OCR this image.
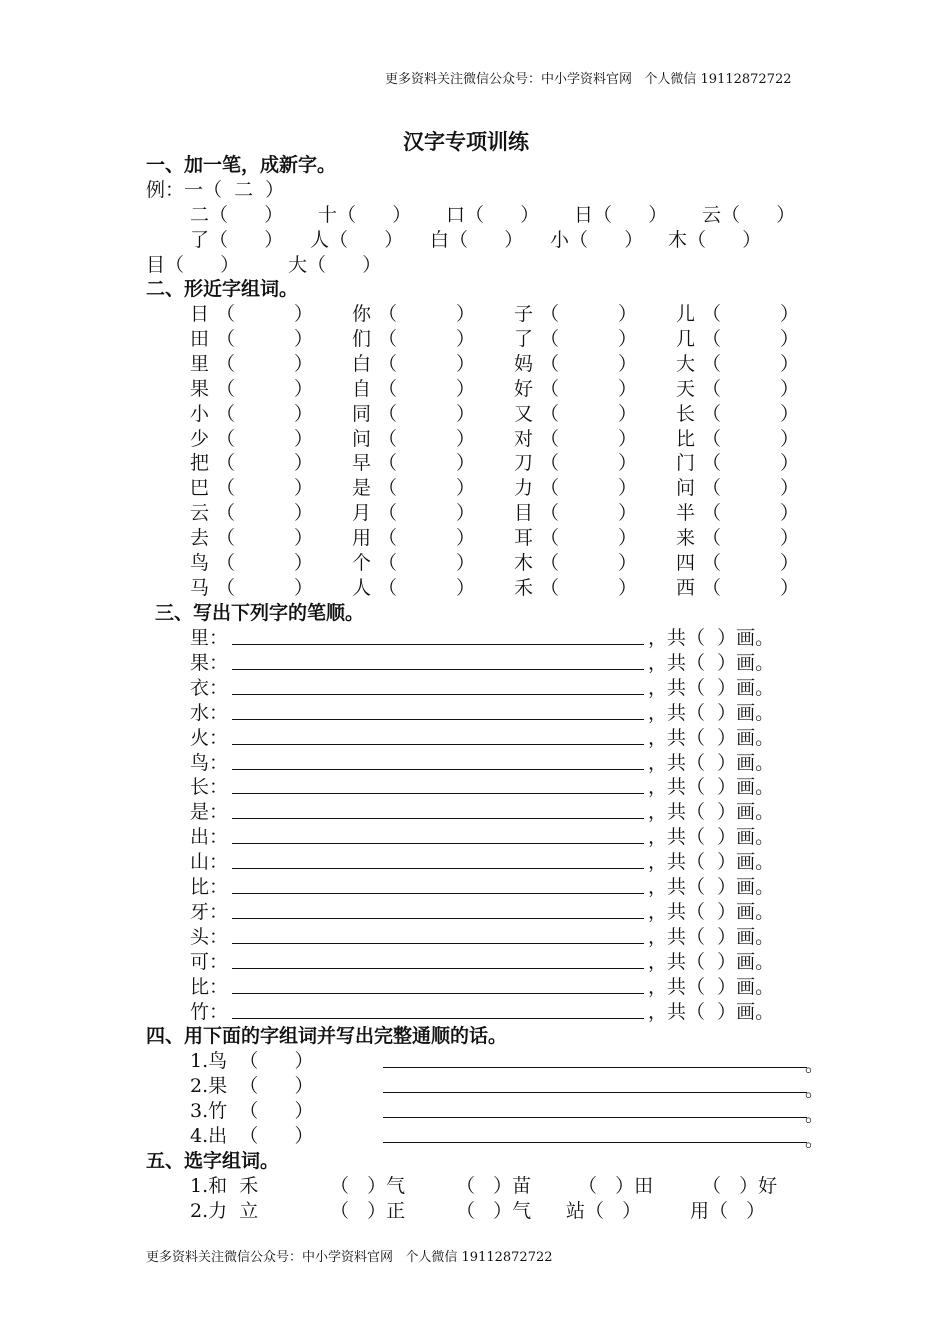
更多资料关注微信公众号：中小学资料官网   个人微信 19112872722
汉字专项训练
一、加一笔，成新字。
例：一（  二  ）
二（      ） 十（      ） 口（      ） 日（      ） 云（      ）
了（      ） 人（      ） 白（      ） 小（      ） 木（      ）
目（      ）	大（      ）
二、形近字组词。
日 （	） 你 （	） 子 （	） 儿 （	）
田 （	） 们 （	） 了 （	） 几 （	）
里 （	） 白 （	） 妈 （	） 大 （	）
果 （	） 自 （	） 好 （	） 天 （	）
小 （	） 同 （	） 又 （	） 长 （	）
少 （	） 问 （	） 对 （	） 比 （	）
把 （	） 早 （	） 刀 （	） 门 （	）
巴 （	） 是 （	） 力 （	） 问 （	）
云 （	） 月 （	） 目 （	） 半 （	）
去 （	） 用 （	） 耳 （	） 来 （	）
鸟 （	） 个 （	） 木 （	） 四 （	）
马 （	） 人 （	） 禾 （	） 西 （	）
三、写出下列字的笔顺。
里：	，共（  ）画。
果：	，共（  ）画。
衣：	，共（  ）画。
水：	，共（  ）画。
火：	，共（  ）画。
鸟：	，共（  ）画。
长：	，共（  ）画。
是：	，共（  ）画。
出：	，共（  ）画。
山：	，共（  ）画。
比：	，共（  ）画。
牙：	，共（  ）画。
头：	，共（  ）画。
可：	，共（  ）画。
比：	，共（  ）画。
竹：	，共（  ）画。
四、用下面的字组词并写出完整通顺的话。
1.鸟  （      ）	。
2.果  （      ）	。
3.竹  （      ）	。
4.出  （      ）	。
五、选字组词。
1.和  禾	（   ）气	（   ）苗 （   ）田	（   ）好
2.力  立	（   ）正	（   ）气 站（   ）	用（   ）
更多资料关注微信公众号：中小学资料官网   个人微信 19112872722
